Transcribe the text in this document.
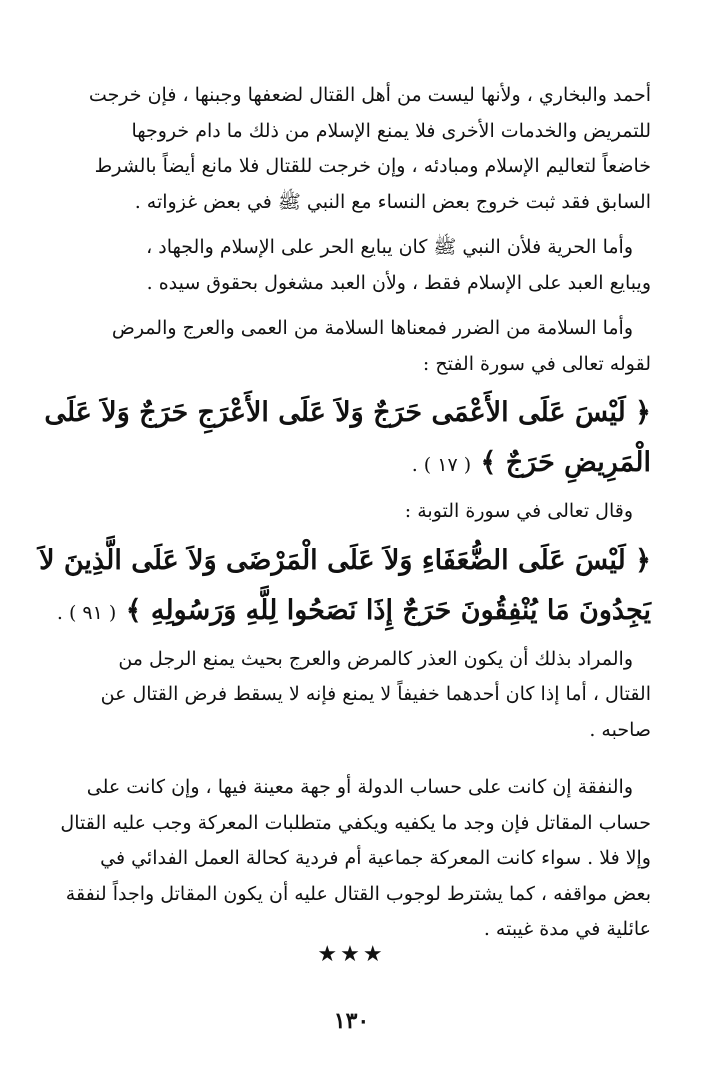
أحمد والبخاري ، ولأنها ليست من أهل القتال لضعفها وجبنها ، فإن خرجت
للتمريض والخدمات الأخرى فلا يمنع الإسلام من ذلك ما دام خروجها
خاضعاً لتعاليم الإسلام ومبادئه ، وإن خرجت للقتال فلا مانع أيضاً بالشرط
السابق فقد ثبت خروج بعض النساء مع النبي ﷺ في بعض غزواته .

وأما الحرية فلأن النبي ﷺ كان يبايع الحر على الإسلام والجهاد ،
ويبايع العبد على الإسلام فقط ، ولأن العبد مشغول بحقوق سيده .

وأما السلامة من الضرر فمعناها السلامة من العمى والعرج والمرض
لقوله تعالى في سورة الفتح :

﴿ لَيْسَ عَلَى الأَعْمَى حَرَجٌ وَلاَ عَلَى الأَعْرَجِ حَرَجٌ وَلاَ عَلَى
الْمَرِيضِ حَرَجٌ ﴾ ( ١٧ ) .

وقال تعالى في سورة التوبة :

﴿ لَيْسَ عَلَى الضُّعَفَاءِ وَلاَ عَلَى الْمَرْضَى وَلاَ عَلَى الَّذِينَ لاَ
يَجِدُونَ مَا يُنْفِقُونَ حَرَجٌ إِذَا نَصَحُوا لِلَّهِ وَرَسُولِهِ ﴾ ( ٩١ ) .

والمراد بذلك أن يكون العذر كالمرض والعرج بحيث يمنع الرجل من
القتال ، أما إذا كان أحدهما خفيفاً لا يمنع فإنه لا يسقط فرض القتال عن
صاحبه .

والنفقة إن كانت على حساب الدولة أو جهة معينة فيها ، وإن كانت على
حساب المقاتل فإن وجد ما يكفيه ويكفي متطلبات المعركة وجب عليه القتال
وإلا فلا . سواء كانت المعركة جماعية أم فردية كحالة العمل الفدائي في
بعض مواقفه ، كما يشترط لوجوب القتال عليه أن يكون المقاتل واجداً لنفقة
عائلية في مدة غيبته .

★★★
١٣٠
